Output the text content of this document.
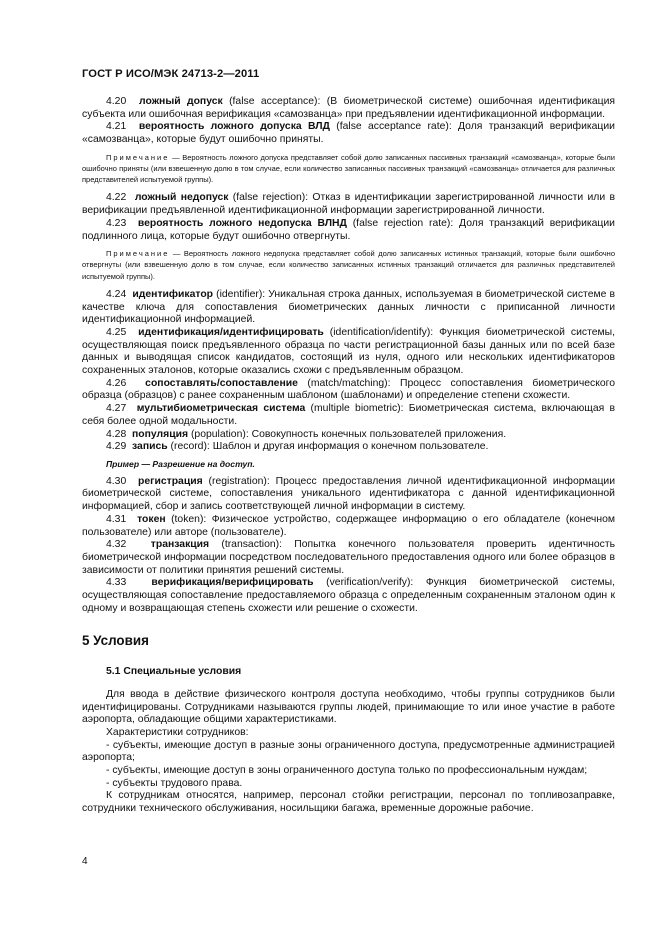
ГОСТ Р ИСО/МЭК 24713-2—2011

4.20 ложный допуск (false acceptance): (В биометрической системе) ошибочная идентификация субъекта или ошибочная верификация «самозванца» при предъявлении идентификационной информации.

4.21 вероятность ложного допуска ВЛД (false acceptance rate): Доля транзакций верификации «самозванца», которые будут ошибочно приняты.

Примечание — Вероятность ложного допуска представляет собой долю записанных пассивных транзакций «самозванца», которые были ошибочно приняты (или взвешенную долю в том случае, если количество записанных пассивных транзакций «самозванца» отличается для различных представителей испытуемой группы).

4.22 ложный недопуск (false rejection): Отказ в идентификации зарегистрированной личности или в верификации предъявленной идентификационной информации зарегистрированной личности.

4.23 вероятность ложного недопуска ВЛНД (false rejection rate): Доля транзакций верификации подлинного лица, которые будут ошибочно отвергнуты.

Примечание — Вероятность ложного недопуска представляет собой долю записанных истинных транзакций, которые были ошибочно отвергнуты (или взвешенную долю в том случае, если количество записанных истинных транзакций отличается для различных представителей испытуемой группы).

4.24 идентификатор (identifier): Уникальная строка данных, используемая в биометрической системе в качестве ключа для сопоставления биометрических данных личности с приписанной личности идентификационной информацией.

4.25 идентификация/идентифицировать (identification/identify): Функция биометрической системы, осуществляющая поиск предъявленного образца по части регистрационной базы данных или по всей базе данных и выводящая список кандидатов, состоящий из нуля, одного или нескольких идентификаторов сохраненных эталонов, которые оказались схожи с предъявленным образцом.

4.26 сопоставлять/сопоставление (match/matching): Процесс сопоставления биометрического образца (образцов) с ранее сохраненным шаблоном (шаблонами) и определение степени схожести.

4.27 мультибиометрическая система (multiple biometric): Биометрическая система, включающая в себя более одной модальности.

4.28 популяция (population): Совокупность конечных пользователей приложения.

4.29 запись (record): Шаблон и другая информация о конечном пользователе.

Пример — Разрешение на доступ.

4.30 регистрация (registration): Процесс предоставления личной идентификационной информации биометрической системе, сопоставления уникального идентификатора с данной идентификационной информацией, сбор и запись соответствующей личной информации в систему.

4.31 токен (token): Физическое устройство, содержащее информацию о его обладателе (конечном пользователе) или авторе (пользователе).

4.32 транзакция (transaction): Попытка конечного пользователя проверить идентичность биометрической информации посредством последовательного предоставления одного или более образцов в зависимости от политики принятия решений системы.

4.33 верификация/верифицировать (verification/verify): Функция биометрической системы, осуществляющая сопоставление предоставляемого образца с определенным сохраненным эталоном один к одному и возвращающая степень схожести или решение о схожести.

5 Условия
5.1 Специальные условия

Для ввода в действие физического контроля доступа необходимо, чтобы группы сотрудников были идентифицированы. Сотрудниками называются группы людей, принимающие то или иное участие в работе аэропорта, обладающие общими характеристиками.

Характеристики сотрудников:

- субъекты, имеющие доступ в разные зоны ограниченного доступа, предусмотренные администрацией аэропорта;

- субъекты, имеющие доступ в зоны ограниченного доступа только по профессиональным нуждам;

- субъекты трудового права.

К сотрудникам относятся, например, персонал стойки регистрации, персонал по топливозаправке, сотрудники технического обслуживания, носильщики багажа, временные дорожные рабочие.

4
